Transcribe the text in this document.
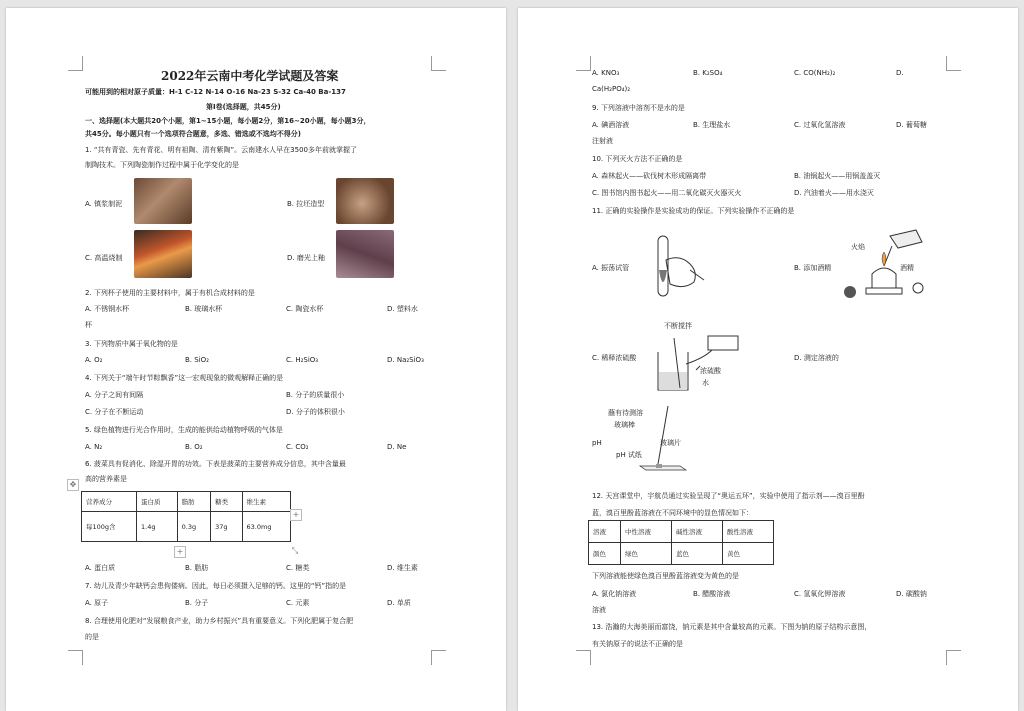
2022年云南中考化学试题及答案
可能用到的相对原子质量：H-1 C-12 N-14 O-16 Na-23 S-32 Ca-40 Ba-137
第Ⅰ卷(选择题，共45分)
一、选择题(本大题共20个小题，第1~15小题，每小题2分，第16~20小题，每小题3分，
共45分。每小题只有一个选项符合题意，多选、错选或不选均不得分)
1. “共有青瓷、先有青花、明有祖陶、清有紫陶”。云南建水人早在3500多年前就掌握了
制陶技术。下列陶瓷制作过程中属于化学变化的是
A. 镇浆制泥	B. 拉坯造型
C. 高温烧制	D. 磨光上釉
2. 下列杯子使用的主要材料中，属于有机合成材料的是
A. 不锈钢水杯	B. 玻璃水杯	C. 陶瓷水杯	D. 塑料水
杯
3. 下列物质中属于氧化物的是
A. O₂	B. SiO₂	C. H₂SiO₃	D. Na₂SiO₃
4. 下列关于“端午时节粽飘香”这一宏观现象的微观解释正确的是
A. 分子之间有间隔	B. 分子的质量很小
C. 分子在不断运动	D. 分子的体积很小
5. 绿色植物进行光合作用时，生成的能供给动植物呼吸的气体是
A. N₂	B. O₂	C. CO₂	D. Ne
6. 菠菜具有促消化、除湿开胃的功效。下表是菠菜的主要营养成分信息，其中含量最
高的营养素是
✥
营养成分	蛋白质	脂肪	糖类	维生素
每100g含	1.4g	0.3g	37g	63.0mg
+
+	⤡
A. 蛋白质	B. 脂肪	C. 糖类	D. 维生素
7. 幼儿及青少年缺钙会患佝偻病。因此，每日必须摄入足够的钙。这里的“钙”指的是
A. 原子	B. 分子	C. 元素	D. 单质
8. 合理使用化肥对“发展粮食产业，助力乡村振兴”具有重要意义。下列化肥属于复合肥
的是
A. KNO₃	B. K₂SO₄	C. CO(NH₂)₂	D.
Ca(H₂PO₄)₂
9. 下列溶液中溶剂不是水的是
A. 碘酒溶液	B. 生理盐水	C. 过氧化氢溶液	D. 葡萄糖
注射液
10. 下列灭火方法不正确的是
A. 森林起火——砍伐树木形成隔离带	B. 油锅起火——用锅盖盖灭
C. 图书馆内图书起火——用二氧化碳灭火器灭火	D. 汽油着火——用水浇灭
11. 正确的实验操作是实验成功的保证。下列实验操作不正确的是
A. 振荡试管	B. 添加酒精
火焰
酒精
C. 稀释浓硫酸
不断搅拌
浓硫酸
水
D. 测定溶液的
蘸有待测溶
玻璃棒
pH
pH 试纸
玻璃片
12. 天宫课堂中，宇航员通过实验呈现了“奥运五环”，实验中使用了指示剂——溴百里酚
蓝，溴百里酚蓝溶液在不同环境中的显色情况如下：
溶液	中性溶液	碱性溶液	酸性溶液
颜色	绿色	蓝色	黄色
下列溶液能使绿色溴百里酚蓝溶液变为黄色的是
A. 氯化钠溶液	B. 醋酸溶液	C. 氢氧化钾溶液	D. 碳酸钠
溶液
13. 浩瀚的大海美丽而富饶，钠元素是其中含量较高的元素。下图为钠的原子结构示意图，
有关钠原子的说法不正确的是
